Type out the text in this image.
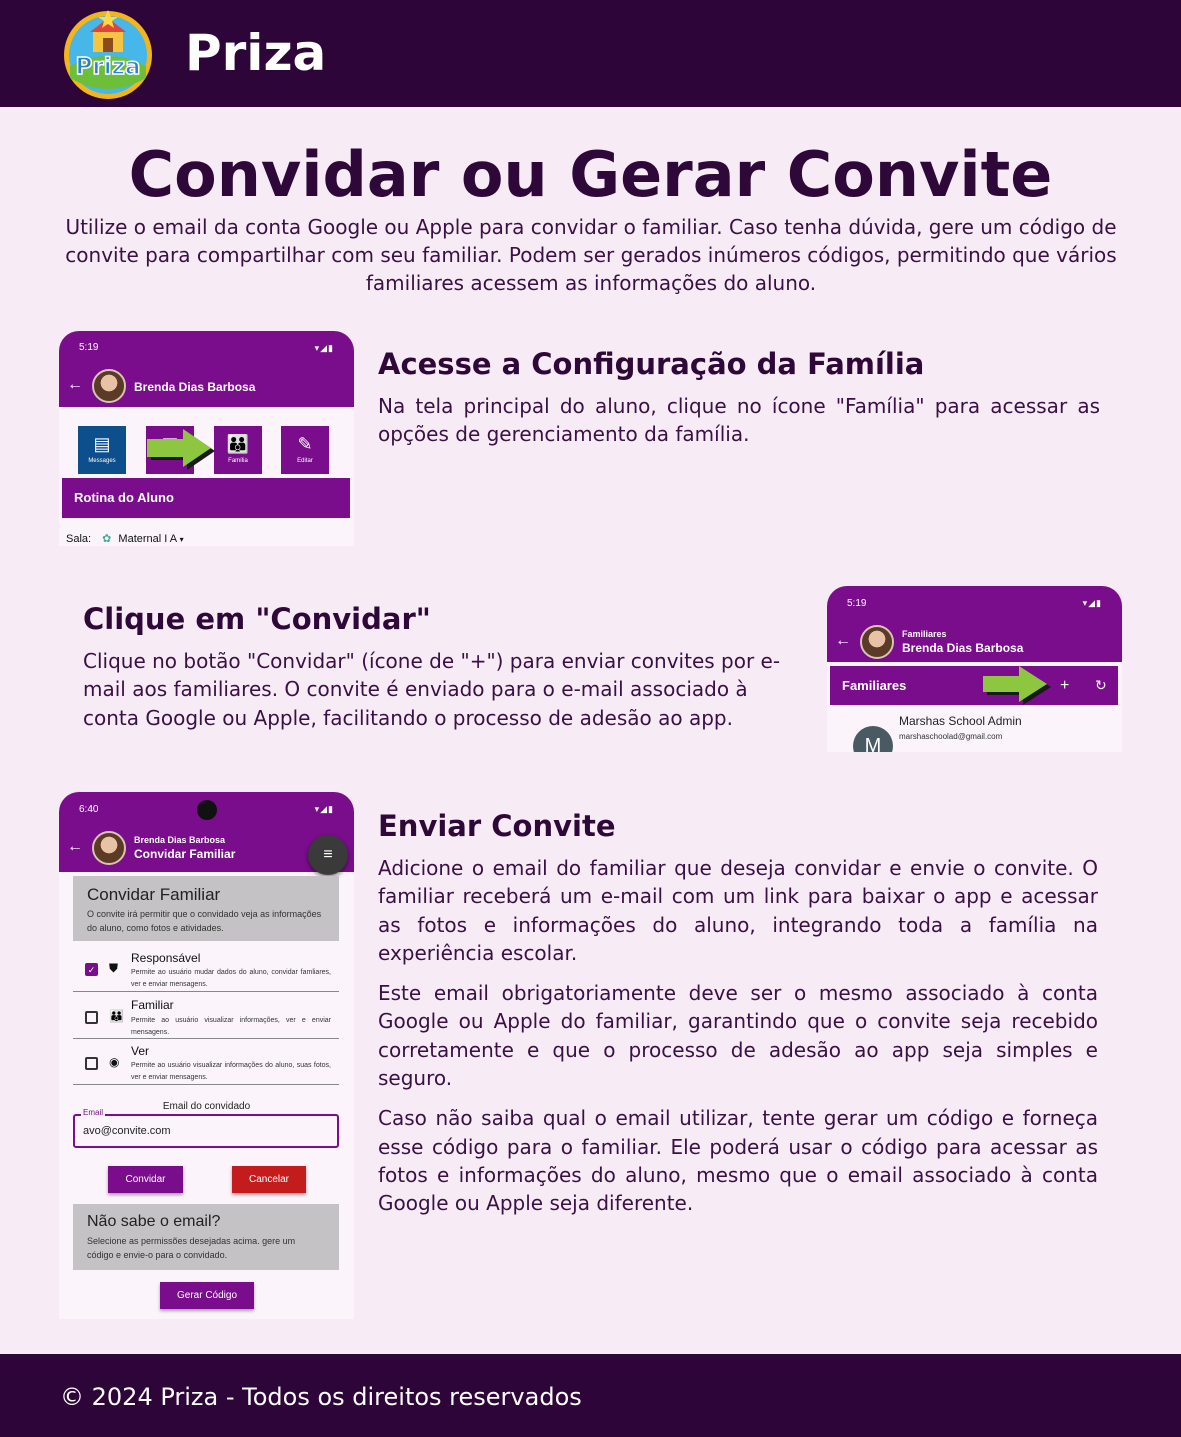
Priza Priza
Convidar ou Gerar Convite

Utilize o email da conta Google ou Apple para convidar o familiar. Caso tenha dúvida, gere um código de convite para compartilhar com seu familiar. Podem ser gerados inúmeros códigos, permitindo que vários familiares acessem as informações do aluno.

Acesse a Configuração da Família

Na tela principal do aluno, clique no ícone "Família" para acessar as opções de gerenciamento da família.

5:19	▾◢▮
←	Brenda Dias Barbosa
▤
Messages
👪
Família
✎
Editar
Rotina do Aluno
Sala: ✿ Maternal I A ▾
Clique em "Convidar"

Clique no botão "Convidar" (ícone de "+") para enviar convites por e-mail aos familiares. O convite é enviado para o e-mail associado à conta Google ou Apple, facilitando o processo de adesão ao app.

5:19	▾◢▮
←	Familiares
Brenda Dias Barbosa
Familiares	+ ↻
Marshas School Admin
marshaschoolad@gmail.com
M
Enviar Convite

Adicione o email do familiar que deseja convidar e envie o convite. O familiar receberá um e-mail com um link para baixar o app e acessar as fotos e informações do aluno, integrando toda a família na experiência escolar.

Este email obrigatoriamente deve ser o mesmo associado à conta Google ou Apple do familiar, garantindo que o convite seja recebido corretamente e que o processo de adesão ao app seja simples e seguro.

Caso não saiba qual o email utilizar, tente gerar um código e forneça esse código para o familiar. Ele poderá usar o código para acessar as fotos e informações do aluno, mesmo que o email associado à conta Google ou Apple seja diferente.

6:40	▾◢▮
←	Brenda Dias Barbosa
Convidar Familiar	≡
Convidar Familiar
O convite irá permitir que o convidado veja as informações do aluno, como fotos e atividades.
✓ ⛊
Responsável
Permite ao usuário mudar dados do aluno, convidar famliares, ver e enviar mensagens.
👪
Familiar
Permite ao usuário visualizar informações, ver e enviar mensagens.
◉
Ver
Permite ao usuário visualizar informações do aluno, suas fotos, ver e enviar mensagens.
Email do convidado
Email
avo@convite.com
Convidar	Cancelar
Não sabe o email?
Selecione as permissões desejadas acima. gere um código e envie-o para o convidado.
Gerar Código
© 2024 Priza - Todos os direitos reservados
